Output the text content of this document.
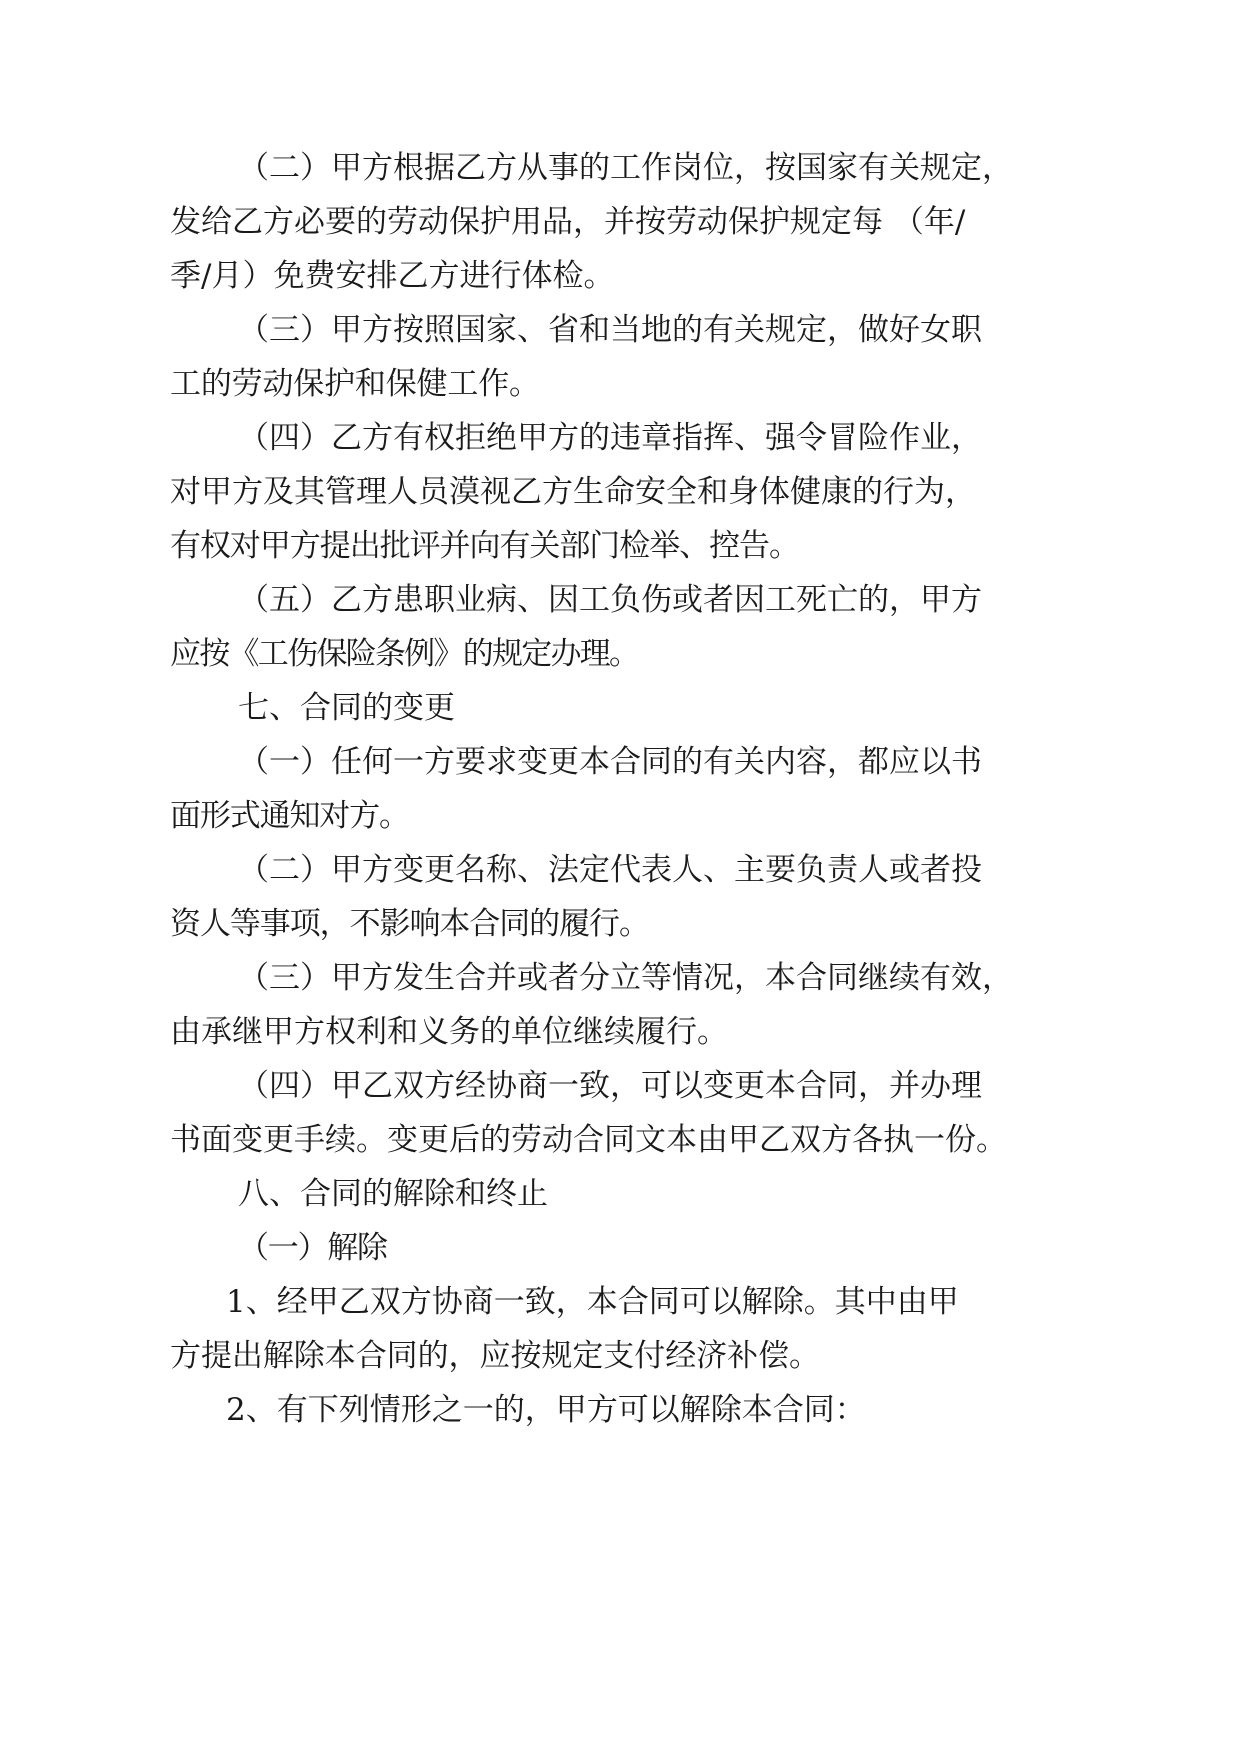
（二）甲方根据乙方从事的工作岗位，按国家有关规定，
发给乙方必要的劳动保护用品，并按劳动保护规定每 （年/
季/月）免费安排乙方进行体检。
（三）甲方按照国家、省和当地的有关规定，做好女职
工的劳动保护和保健工作。
（四）乙方有权拒绝甲方的违章指挥、强令冒险作业，
对甲方及其管理人员漠视乙方生命安全和身体健康的行为，
有权对甲方提出批评并向有关部门检举、控告。
（五）乙方患职业病、因工负伤或者因工死亡的，甲方
应按《工伤保险条例》的规定办理。
七、合同的变更
（一）任何一方要求变更本合同的有关内容，都应以书
面形式通知对方。
（二）甲方变更名称、法定代表人、主要负责人或者投
资人等事项，不影响本合同的履行。
（三）甲方发生合并或者分立等情况，本合同继续有效，
由承继甲方权利和义务的单位继续履行。
（四）甲乙双方经协商一致，可以变更本合同，并办理
书面变更手续。变更后的劳动合同文本由甲乙双方各执一份。
八、合同的解除和终止
（一）解除
1、经甲乙双方协商一致，本合同可以解除。其中由甲
方提出解除本合同的，应按规定支付经济补偿。
2、有下列情形之一的，甲方可以解除本合同：
